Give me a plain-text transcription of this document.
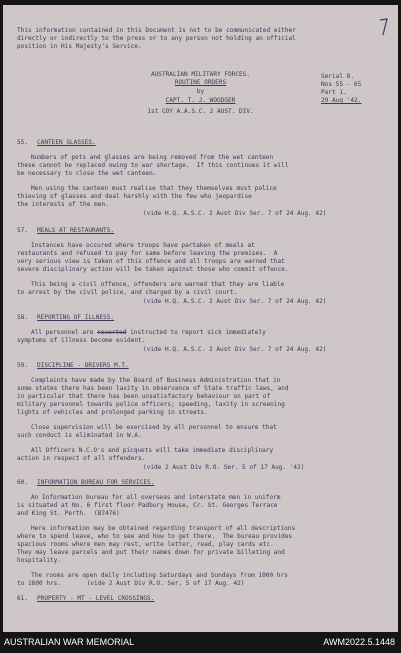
This information contained in this Document is not to be communicated either
directly or indirectly to the press or to any person not holding an official
position in His Majesty's Service.
AUSTRALIAN MILITARY FORCES.
ROUTINE ORDERS
by
CAPT. T. J. WOODGER
1st COY A.A.S.C. 2 AUST. DIV.
Serial 8.
Nos 55 - 65
Part 1.
29 Aug '42.
55. CANTEEN GLASSES.
Numbers of pots and glasses are being removed from the wet canteen
these cannot be replaced owing to war shortage.  If this continues it will
be necessary to close the wet canteen.
Men using the canteen must realise that they themselves must police
thieving of glasses and deal harshly with the few who jeopardise
the interests of the men.
(vide H.Q. A.S.C. 2 Aust Div Ser. 7 of 24 Aug. 42)
57. MEALS AT RESTAURANTS.
Instances have occured where troops have partaken of meals at
restaurants and refused to pay for same before leaving the premises.  A
very serious view is taken of this offence and all troops are warned that
severe disciplinary action will be taken against those who commit offence.
This being a civil offence, offenders are warned that they are liable
to arrest by the civil police, and charged by a civil court.
(vide H.Q. A.S.C. 2 Aust Div Ser. 7 of 24 Aug. 42)
58. REPORTING OF ILLNESS.
All personnel are reverted instructed to report sick immediately
symptoms of illness become evident.
(vide H.Q. A.S.C. 2 Aust Div Ser. 7 of 24 Aug. 42)
59. DISCIPLINE - DRIVERS M.T.
Complaints have made by the Board of Business Administration that in
some states there has been laxity in observance of State traffic laws, and
in particular that there has been unsatisfactory behaviour on part of
military personnel towards police officers; speeding, laxity in screening
lights of vehicles and prolonged parking in streets.
Close supervision will be exercised by all personnel to ensure that
such conduct is eliminated in W.A.
All Officers N.C.O's and picquets will take immediate disciplinary
action in respect of all offenders.
(vide 2 Aust Div R.O. Ser. 5 of 17 Aug. '42)
60. INFORMATION BUREAU FOR SERVICES.
An Information bureau for all overseas and interstate men in uniform
is situated at No. 6 first floor Padbury House, Cr. St. Georges Terrace
and King St. Perth.  (B7476)
Here information may be obtained regarding transport of all descriptions
where to spend leave, who to see and how to get there.  The bureau provides
spacious rooms where men may rest, write letter, read, play cards etc.
They may leave parcels and put their names down for private billeting and
hospitality.
The rooms are open daily including Saturdays and Sundays from 1000 hrs
to 1800 hrs.       (vide 2 Aust Div R.O. Ser. 5 of 17 Aug. 42)
61. PROPERTY - MT - LEVEL CROSSINGS.
AUSTRALIAN WAR MEMORIAL	AWM2022.5.1448
